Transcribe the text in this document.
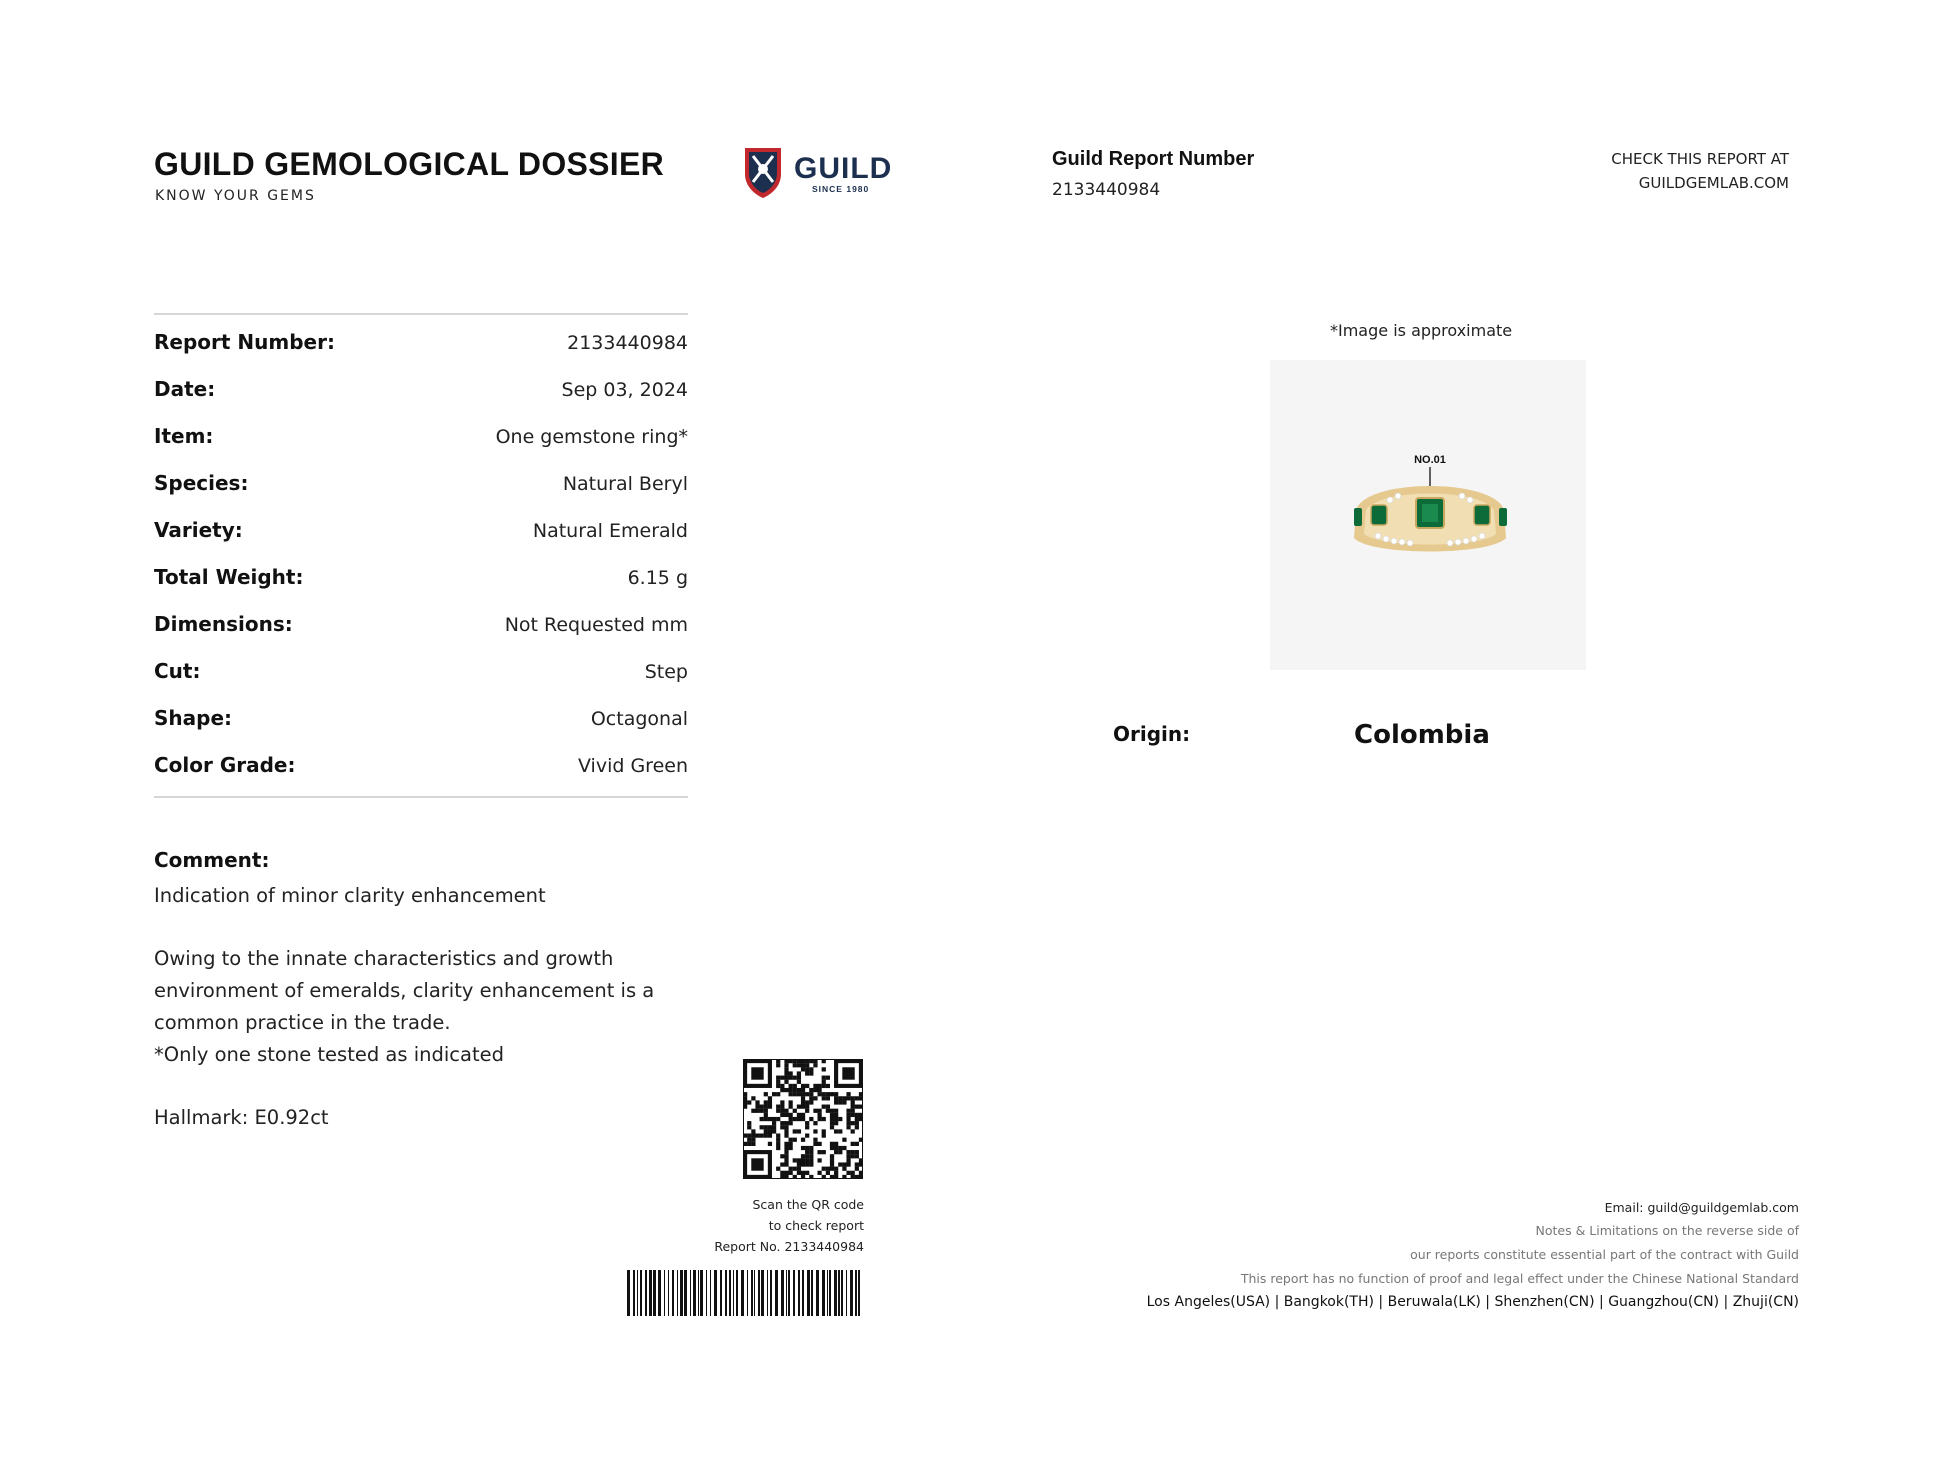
GUILD GEMOLOGICAL DOSSIER
KNOW YOUR GEMS
GUILD
SINCE 1980
Guild Report Number
2133440984
CHECK THIS REPORT AT
GUILDGEMLAB.COM
Report Number:	2133440984
Date:	Sep 03, 2024
Item:	One gemstone ring*
Species:	Natural Beryl
Variety:	Natural Emerald
Total Weight:	6.15 g
Dimensions:	Not Requested mm
Cut:	Step
Shape:	Octagonal
Color Grade:	Vivid Green
Comment:
Indication of minor clarity enhancement
Owing to the innate characteristics and growth
environment of emeralds, clarity enhancement is a
common practice in the trade.
*Only one stone tested as indicated
Hallmark: E0.92ct
Scan the QR code
to check report
Report No. 2133440984
*Image is approximate
NO.01
Origin:	Colombia
Email: guild@guildgemlab.com
Notes & Limitations on the reverse side of
our reports constitute essential part of the contract with Guild
This report has no function of proof and legal effect under the Chinese National Standard
Los Angeles(USA) | Bangkok(TH) | Beruwala(LK) | Shenzhen(CN) | Guangzhou(CN) | Zhuji(CN)
